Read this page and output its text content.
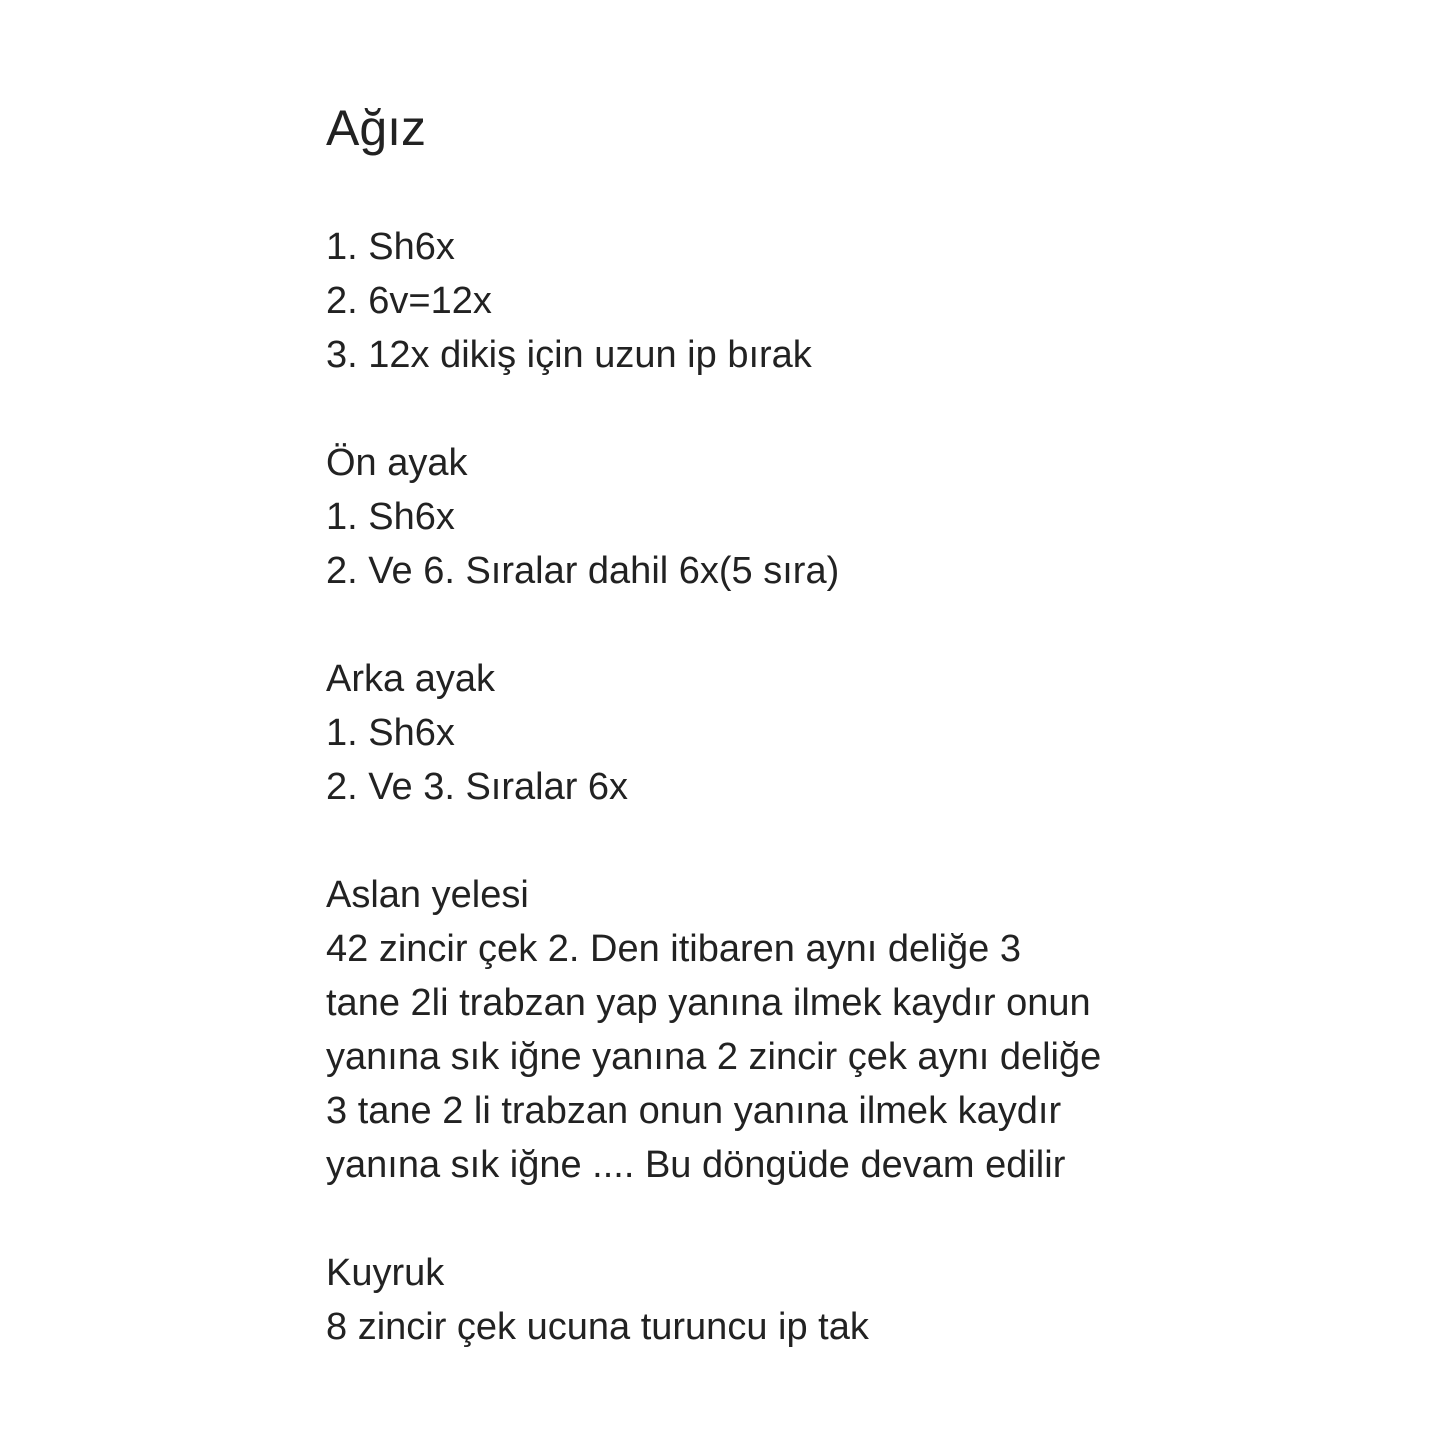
Ağız
1. Sh6x
2. 6v=12x
3. 12x dikiş için uzun ip bırak
Ön ayak
1. Sh6x
2. Ve 6. Sıralar dahil 6x(5 sıra)
Arka ayak
1. Sh6x
2. Ve 3. Sıralar 6x
Aslan yelesi
42 zincir çek 2. Den itibaren aynı deliğe 3
tane 2li trabzan yap yanına ilmek kaydır onun
yanına sık iğne yanına 2 zincir çek aynı deliğe
3 tane 2 li trabzan onun yanına ilmek kaydır
yanına sık iğne .... Bu döngüde devam edilir
Kuyruk
8 zincir çek ucuna turuncu ip tak
